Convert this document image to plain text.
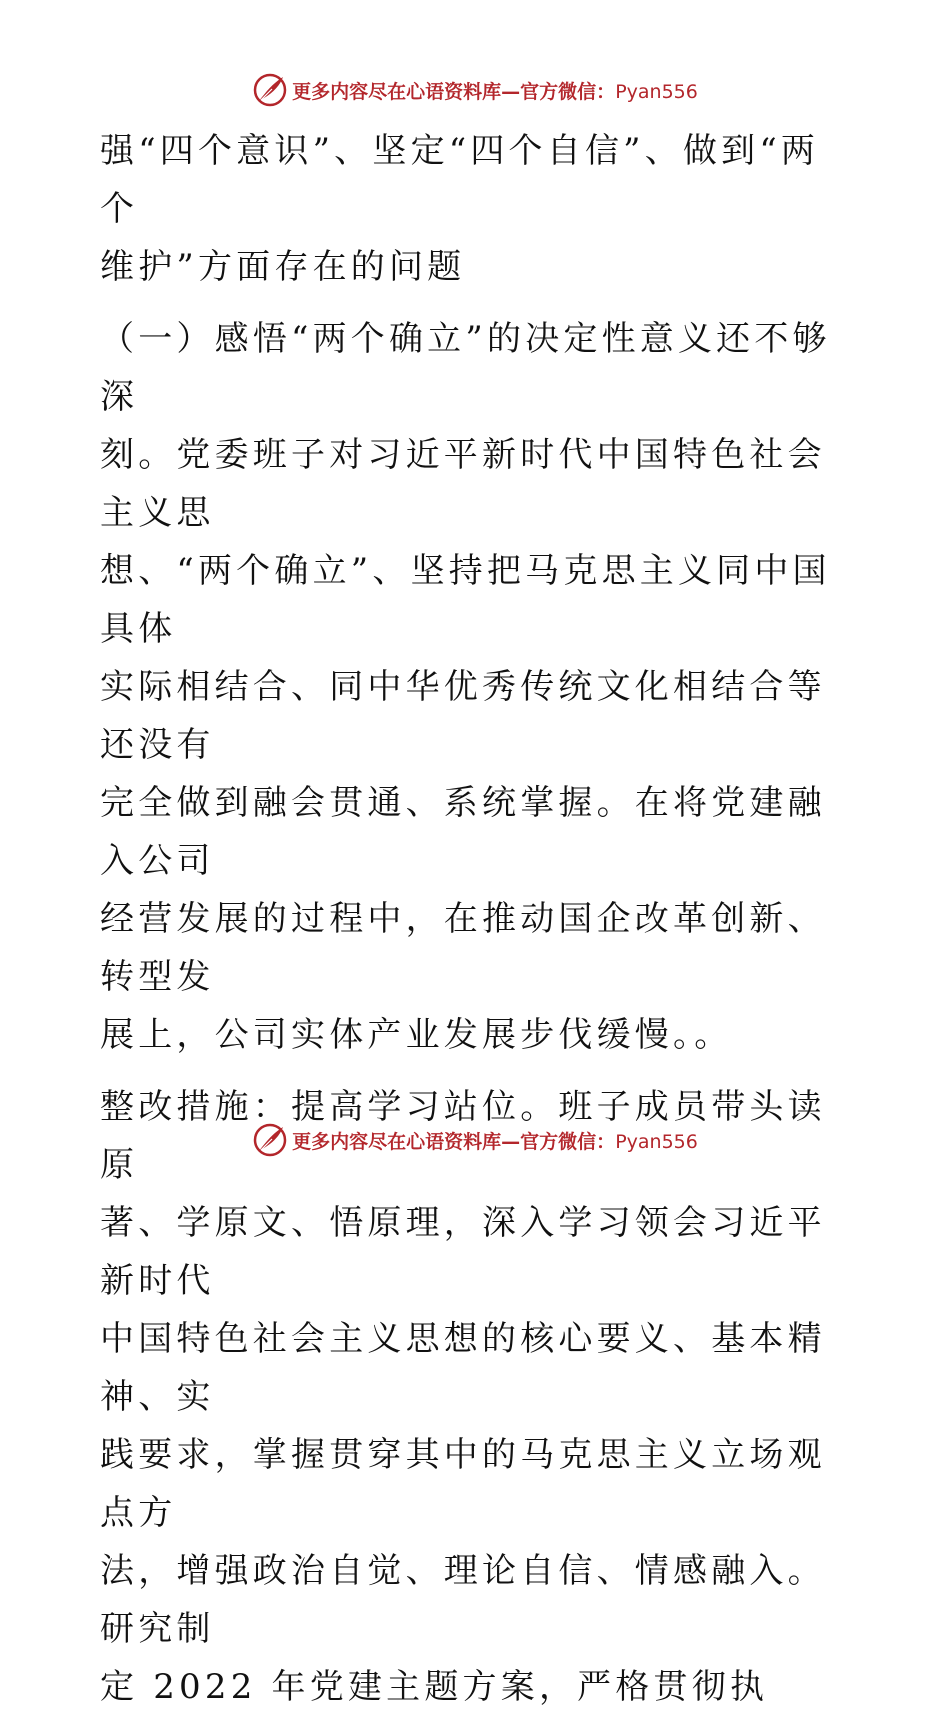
更多内容尽在心语资料库—官方微信：Pyan556

强“四个意识”、坚定“四个自信”、做到“两个
维护”方面存在的问题

（一）感悟“两个确立”的决定性意义还不够深
刻。党委班子对习近平新时代中国特色社会主义思
想、“两个确立”、坚持把马克思主义同中国具体
实际相结合、同中华优秀传统文化相结合等还没有
完全做到融会贯通、系统掌握。在将党建融入公司
经营发展的过程中，在推动国企改革创新、转型发
展上，公司实体产业发展步伐缓慢。。

整改措施：提高学习站位。班子成员带头读原
著、学原文、悟原理，深入学习领会习近平新时代
中国特色社会主义思想的核心要义、基本精神、实
践要求，掌握贯穿其中的马克思主义立场观点方
法，增强政治自觉、理论自信、情感融入。研究制
定 2022 年党建主题方案，严格贯彻执

更多内容尽在心语资料库—官方微信：Pyan556
